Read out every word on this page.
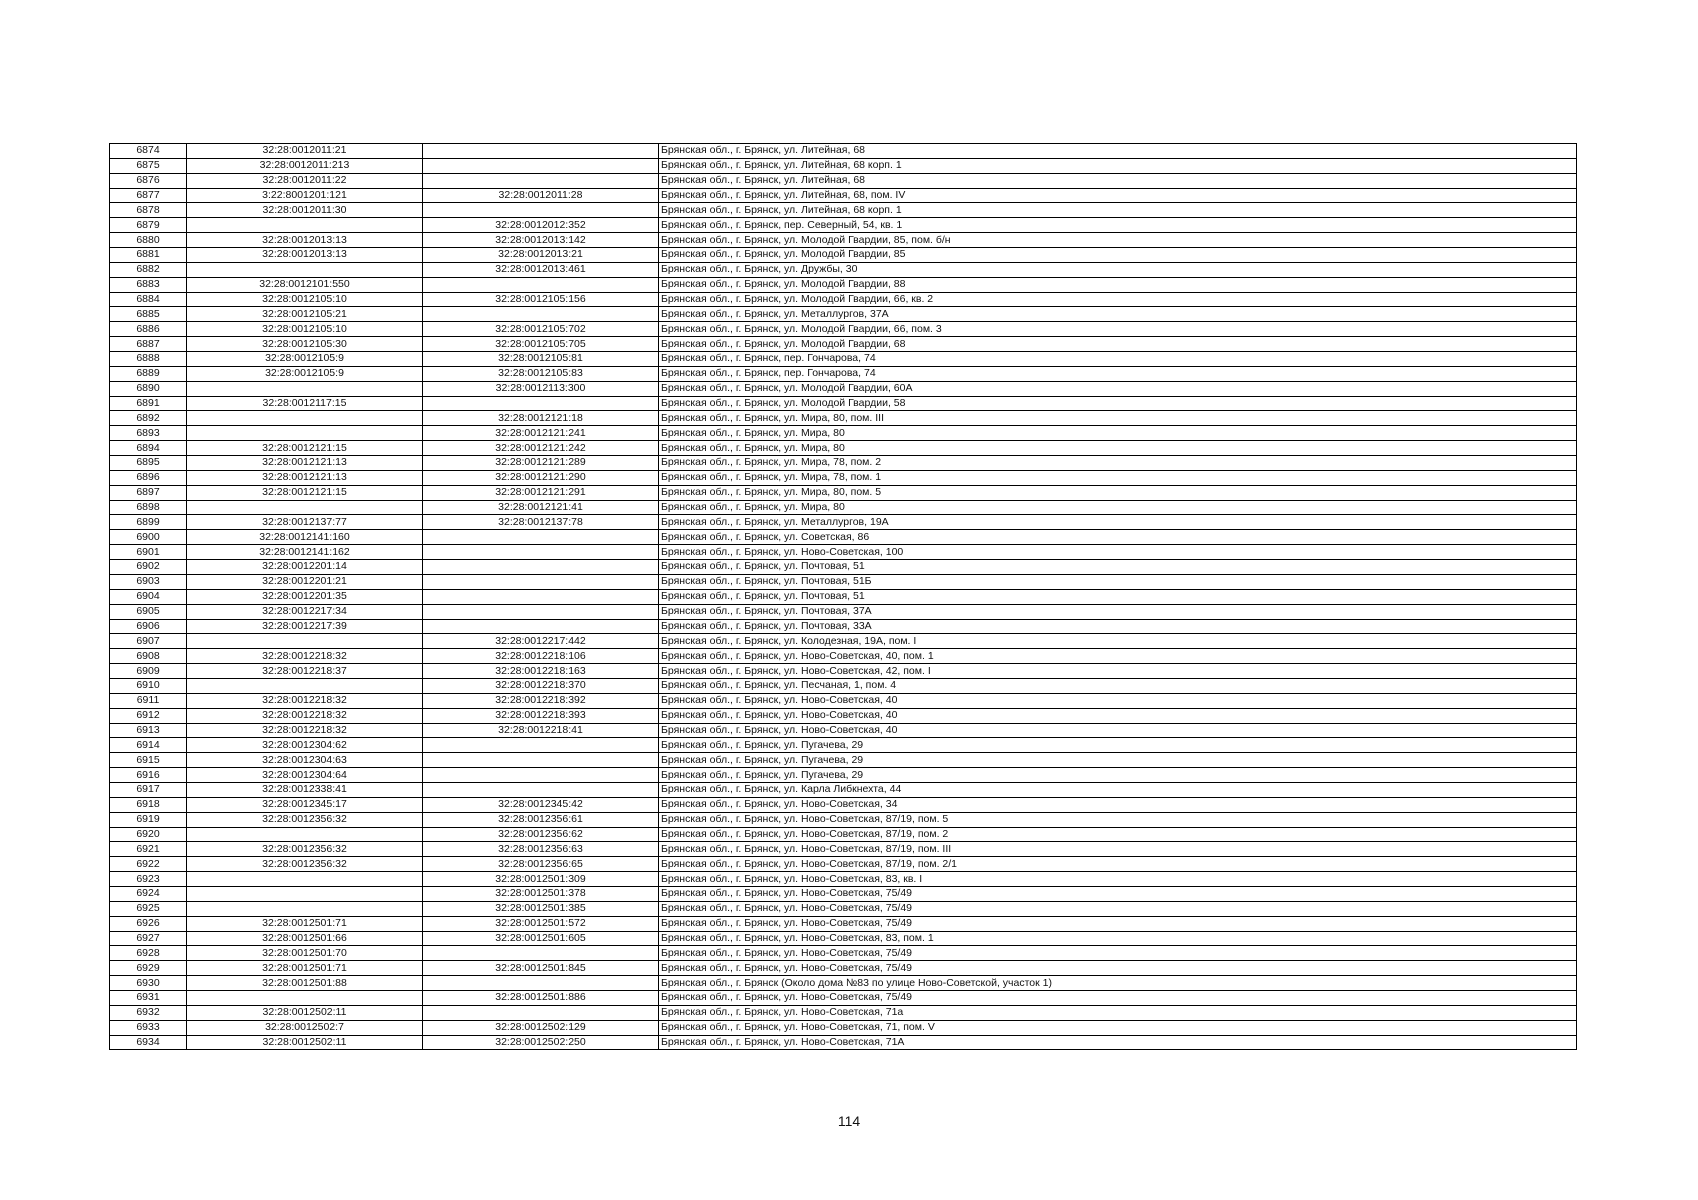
6874	32:28:0012011:21		Брянская обл., г. Брянск, ул. Литейная, 68
6875	32:28:0012011:213		Брянская обл., г. Брянск, ул. Литейная, 68 корп. 1
6876	32:28:0012011:22		Брянская обл., г. Брянск, ул. Литейная, 68
6877	3:22:8001201:121	32:28:0012011:28	Брянская обл., г. Брянск, ул. Литейная, 68, пом. IV
6878	32:28:0012011:30		Брянская обл., г. Брянск, ул. Литейная, 68 корп. 1
6879		32:28:0012012:352	Брянская обл., г. Брянск, пер. Северный, 54, кв. 1
6880	32:28:0012013:13	32:28:0012013:142	Брянская обл., г. Брянск, ул. Молодой Гвардии, 85, пом. б/н
6881	32:28:0012013:13	32:28:0012013:21	Брянская обл., г. Брянск, ул. Молодой Гвардии, 85
6882		32:28:0012013:461	Брянская обл., г. Брянск, ул. Дружбы, 30
6883	32:28:0012101:550		Брянская обл., г. Брянск, ул. Молодой Гвардии, 88
6884	32:28:0012105:10	32:28:0012105:156	Брянская обл., г. Брянск, ул. Молодой Гвардии, 66, кв. 2
6885	32:28:0012105:21		Брянская обл., г. Брянск, ул. Металлургов, 37А
6886	32:28:0012105:10	32:28:0012105:702	Брянская обл., г. Брянск, ул. Молодой Гвардии, 66, пом. 3
6887	32:28:0012105:30	32:28:0012105:705	Брянская обл., г. Брянск, ул. Молодой Гвардии, 68
6888	32:28:0012105:9	32:28:0012105:81	Брянская обл., г. Брянск, пер. Гончарова, 74
6889	32:28:0012105:9	32:28:0012105:83	Брянская обл., г. Брянск, пер. Гончарова, 74
6890		32:28:0012113:300	Брянская обл., г. Брянск, ул. Молодой Гвардии, 60А
6891	32:28:0012117:15		Брянская обл., г. Брянск, ул. Молодой Гвардии, 58
6892		32:28:0012121:18	Брянская обл., г. Брянск, ул. Мира, 80, пом. III
6893		32:28:0012121:241	Брянская обл., г. Брянск, ул. Мира, 80
6894	32:28:0012121:15	32:28:0012121:242	Брянская обл., г. Брянск, ул. Мира, 80
6895	32:28:0012121:13	32:28:0012121:289	Брянская обл., г. Брянск, ул. Мира, 78, пом. 2
6896	32:28:0012121:13	32:28:0012121:290	Брянская обл., г. Брянск, ул. Мира, 78, пом. 1
6897	32:28:0012121:15	32:28:0012121:291	Брянская обл., г. Брянск, ул. Мира, 80, пом. 5
6898		32:28:0012121:41	Брянская обл., г. Брянск, ул. Мира, 80
6899	32:28:0012137:77	32:28:0012137:78	Брянская обл., г. Брянск, ул. Металлургов, 19А
6900	32:28:0012141:160		Брянская обл., г. Брянск, ул. Советская, 86
6901	32:28:0012141:162		Брянская обл., г. Брянск, ул. Ново-Советская, 100
6902	32:28:0012201:14		Брянская обл., г. Брянск, ул. Почтовая, 51
6903	32:28:0012201:21		Брянская обл., г. Брянск, ул. Почтовая, 51Б
6904	32:28:0012201:35		Брянская обл., г. Брянск, ул. Почтовая, 51
6905	32:28:0012217:34		Брянская обл., г. Брянск, ул. Почтовая, 37А
6906	32:28:0012217:39		Брянская обл., г. Брянск, ул. Почтовая, 33А
6907		32:28:0012217:442	Брянская обл., г. Брянск, ул. Колодезная, 19А, пом. I
6908	32:28:0012218:32	32:28:0012218:106	Брянская обл., г. Брянск, ул. Ново-Советская, 40, пом. 1
6909	32:28:0012218:37	32:28:0012218:163	Брянская обл., г. Брянск, ул. Ново-Советская, 42, пом. I
6910		32:28:0012218:370	Брянская обл., г. Брянск, ул. Песчаная, 1, пом. 4
6911	32:28:0012218:32	32:28:0012218:392	Брянская обл., г. Брянск, ул. Ново-Советская, 40
6912	32:28:0012218:32	32:28:0012218:393	Брянская обл., г. Брянск, ул. Ново-Советская, 40
6913	32:28:0012218:32	32:28:0012218:41	Брянская обл., г. Брянск, ул. Ново-Советская, 40
6914	32:28:0012304:62		Брянская обл., г. Брянск, ул. Пугачева, 29
6915	32:28:0012304:63		Брянская обл., г. Брянск, ул. Пугачева, 29
6916	32:28:0012304:64		Брянская обл., г. Брянск, ул. Пугачева, 29
6917	32:28:0012338:41		Брянская обл., г. Брянск, ул. Карла Либкнехта, 44
6918	32:28:0012345:17	32:28:0012345:42	Брянская обл., г. Брянск, ул. Ново-Советская, 34
6919	32:28:0012356:32	32:28:0012356:61	Брянская обл., г. Брянск, ул. Ново-Советская, 87/19, пом. 5
6920		32:28:0012356:62	Брянская обл., г. Брянск, ул. Ново-Советская, 87/19, пом. 2
6921	32:28:0012356:32	32:28:0012356:63	Брянская обл., г. Брянск, ул. Ново-Советская, 87/19, пом. III
6922	32:28:0012356:32	32:28:0012356:65	Брянская обл., г. Брянск, ул. Ново-Советская, 87/19, пом. 2/1
6923		32:28:0012501:309	Брянская обл., г. Брянск, ул. Ново-Советская, 83, кв. I
6924		32:28:0012501:378	Брянская обл., г. Брянск, ул. Ново-Советская, 75/49
6925		32:28:0012501:385	Брянская обл., г. Брянск, ул. Ново-Советская, 75/49
6926	32:28:0012501:71	32:28:0012501:572	Брянская обл., г. Брянск, ул. Ново-Советская, 75/49
6927	32:28:0012501:66	32:28:0012501:605	Брянская обл., г. Брянск, ул. Ново-Советская, 83, пом. 1
6928	32:28:0012501:70		Брянская обл., г. Брянск, ул. Ново-Советская, 75/49
6929	32:28:0012501:71	32:28:0012501:845	Брянская обл., г. Брянск, ул. Ново-Советская, 75/49
6930	32:28:0012501:88		Брянская обл., г. Брянск (Около дома №83 по улице Ново-Советской, участок 1)
6931		32:28:0012501:886	Брянская обл., г. Брянск, ул. Ново-Советская, 75/49
6932	32:28:0012502:11		Брянская обл., г. Брянск, ул. Ново-Советская, 71а
6933	32:28:0012502:7	32:28:0012502:129	Брянская обл., г. Брянск, ул. Ново-Советская, 71, пом. V
6934	32:28:0012502:11	32:28:0012502:250	Брянская обл., г. Брянск, ул. Ново-Советская, 71А
114
